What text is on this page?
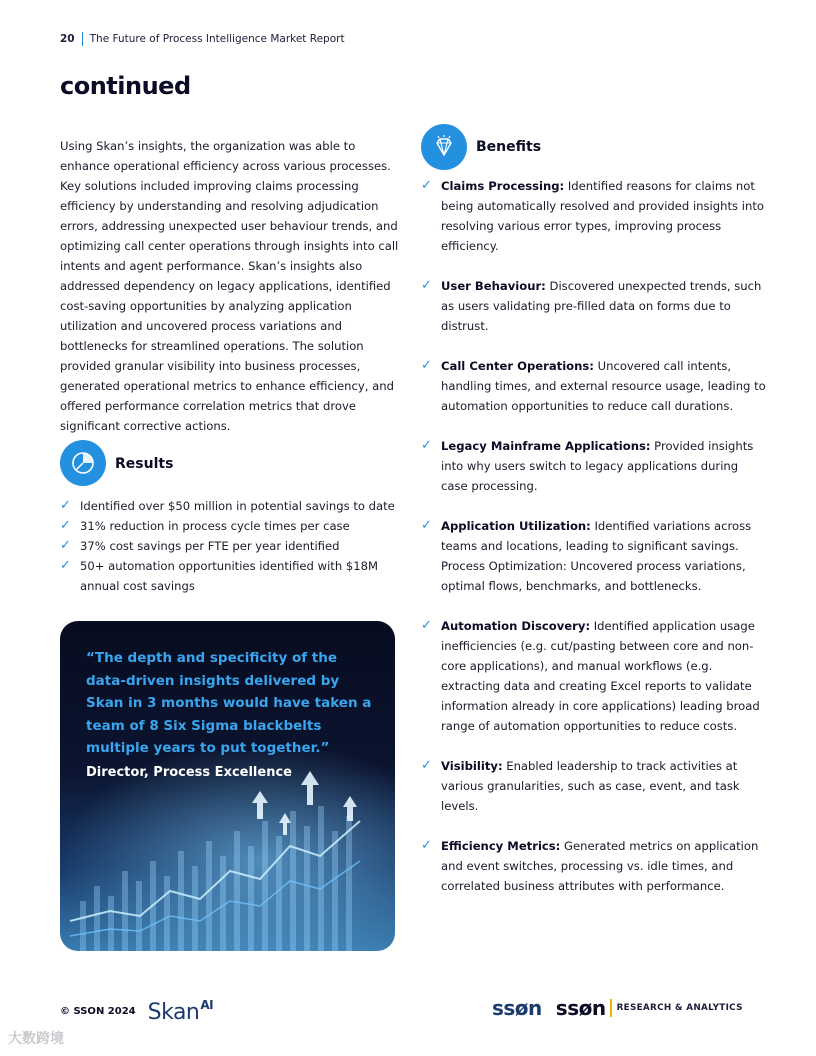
20 The Future of Process Intelligence Market Report
continued
Using Skan’s insights, the organization was able to enhance operational efficiency across various processes. Key solutions included improving claims processing efficiency by understanding and resolving adjudication errors, addressing unexpected user behaviour trends, and optimizing call center operations through insights into call intents and agent performance. Skan’s insights also addressed dependency on legacy applications, identified cost-saving opportunities by analyzing application utilization and uncovered process variations and bottlenecks for streamlined operations. The solution provided granular visibility into business processes, generated operational metrics to enhance efficiency, and offered performance correlation metrics that drove significant corrective actions.
Results
✓ Identified over $50 million in potential savings to date
✓ 31% reduction in process cycle times per case
✓ 37% cost savings per FTE per year identified
✓ 50+ automation opportunities identified with $18M annual cost savings
“The depth and specificity of the data-driven insights delivered by Skan in 3 months would have taken a team of 8 Six Sigma blackbelts multiple years to put together.”
Director, Process Excellence
Benefits
✓ Claims Processing: Identified reasons for claims not being automatically resolved and provided insights into resolving various error types, improving process efficiency.
✓ User Behaviour: Discovered unexpected trends, such as users validating pre-filled data on forms due to distrust.
✓ Call Center Operations: Uncovered call intents, handling times, and external resource usage, leading to automation opportunities to reduce call durations.
✓ Legacy Mainframe Applications: Provided insights into why users switch to legacy applications during case processing.
✓ Application Utilization: Identified variations across teams and locations, leading to significant savings. Process Optimization: Uncovered process variations, optimal flows, benchmarks, and bottlenecks.
✓ Automation Discovery: Identified application usage inefficiencies (e.g. cut/pasting between core and non-core applications), and manual workflows (e.g. extracting data and creating Excel reports to validate information already in core applications) leading broad range of automation opportunities to reduce costs.
✓ Visibility: Enabled leadership to track activities at various granularities, such as case, event, and task levels.
✓ Efficiency Metrics: Generated metrics on application and event switches, processing vs. idle times, and correlated business attributes with performance.
© SSON 2024 Skan$^{AI}$	ssøn ssøn RESEARCH & ANALYTICS
大数跨境
